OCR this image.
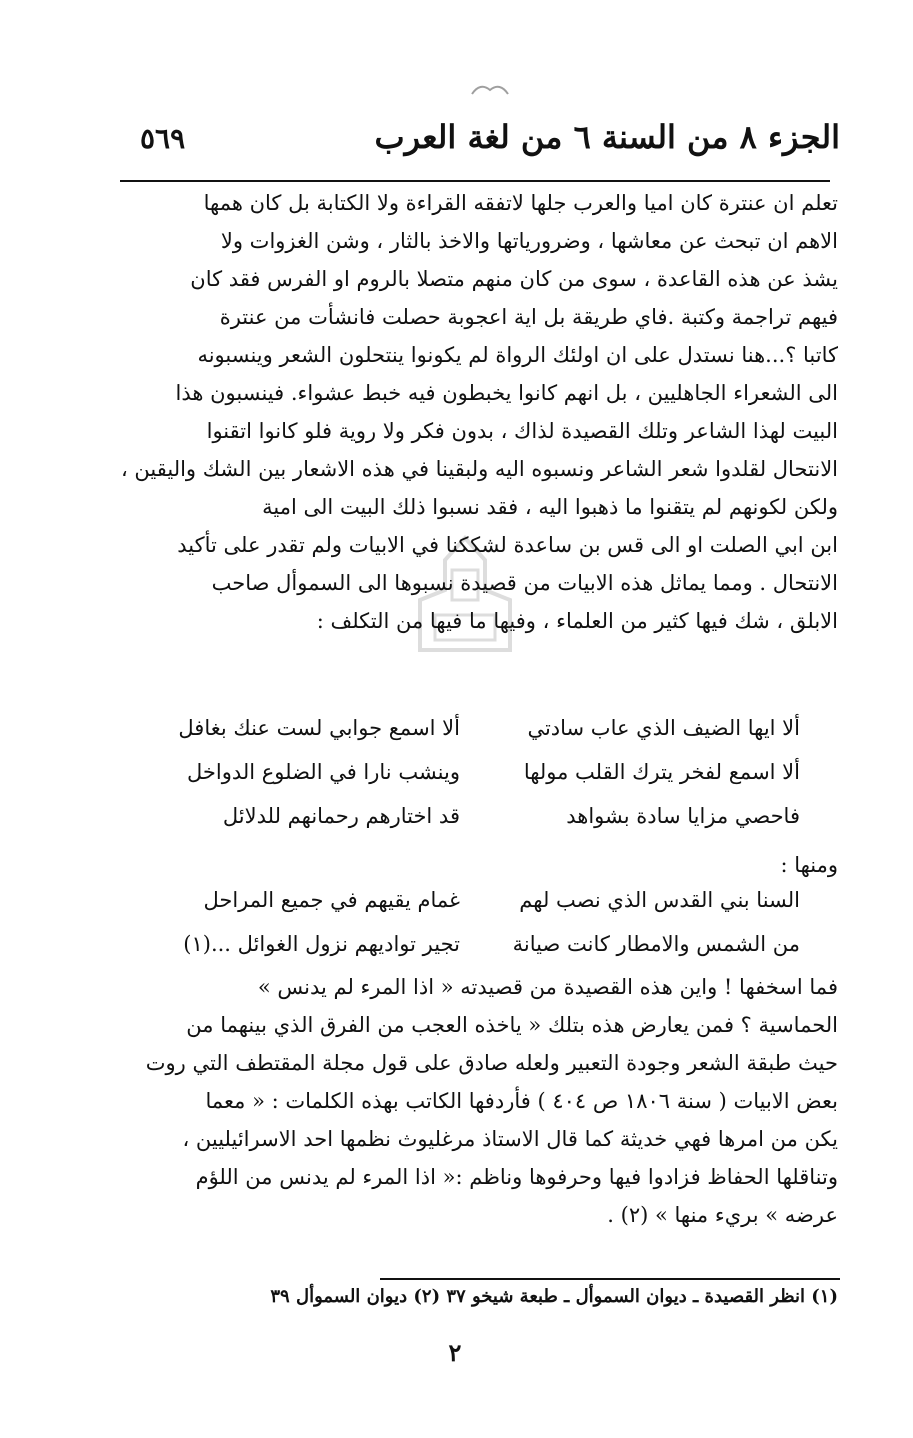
الجزء ٨ من السنة ٦ من لغة العرب
٥٦٩

تعلم ان عنترة كان اميا والعرب جلها لاتفقه القراءة ولا الكتابة بل كان همها
الاهم ان تبحث عن معاشها ، وضرورياتها والاخذ بالثار ، وشن الغزوات ولا
يشذ عن هذه القاعدة ، سوى من كان منهم متصلا بالروم او الفرس فقد كان
فيهم تراجمة وكتبة .فاي طريقة بل اية اعجوبة حصلت فانشأت من عنترة
كاتبا ؟...هنا نستدل على ان اولئك الرواة لم يكونوا ينتحلون الشعر وينسبونه
الى الشعراء الجاهليين ، بل انهم كانوا يخبطون فيه خبط عشواء. فينسبون هذا
البيت لهذا الشاعر وتلك القصيدة لذاك ، بدون فكر ولا روية فلو كانوا اتقنوا
الانتحال لقلدوا شعر الشاعر ونسبوه اليه ولبقينا في هذه الاشعار بين الشك واليقين ،
ولكن لكونهم لم يتقنوا ما ذهبوا اليه ، فقد نسبوا ذلك البيت الى امية
ابن ابي الصلت او الى قس بن ساعدة لشككنا في الابيات ولم تقدر على تأكيد
الانتحال . ومما يماثل هذه الابيات من قصيدة نسبوها الى السموأل صاحب
الابلق ، شك فيها كثير من العلماء ، وفيها ما فيها من التكلف :

ألا ايها الضيف الذي عاب سادتي
ألا اسمع جوابي لست عنك بغافل
ألا اسمع لفخر يترك القلب مولها
وينشب نارا في الضلوع الدواخل
فاحصي مزايا سادة بشواهد
قد اختارهم رحمانهم للدلائل

ومنها :

السنا بني القدس الذي نصب لهم
غمام يقيهم في جميع المراحل
من الشمس والامطار كانت صيانة
تجير تواديهم نزول الغوائل ...(١)

فما اسخفها ! واين هذه القصيدة من قصيدته « اذا المرء لم يدنس »
الحماسية ؟ فمن يعارض هذه بتلك « ياخذه العجب من الفرق الذي بينهما من
حيث طبقة الشعر وجودة التعبير ولعله صادق على قول مجلة المقتطف التي روت
بعض الابيات ( سنة ١٨٠٦ ص ٤٠٤ ) فأردفها الكاتب بهذه الكلمات : « معما
يكن من امرها فهي خديثة كما قال الاستاذ مرغليوث نظمها احد الاسرائيليين ،
وتناقلها الحفاظ فزادوا فيها وحرفوها وناظم :« اذا المرء لم يدنس من اللؤم
عرضه » بريء منها » (٢) .

(١) انظر القصيدة ـ ديوان السموأل ـ طبعة شيخو ٣٧ (٢) ديوان السموأل ٣٩
٢
